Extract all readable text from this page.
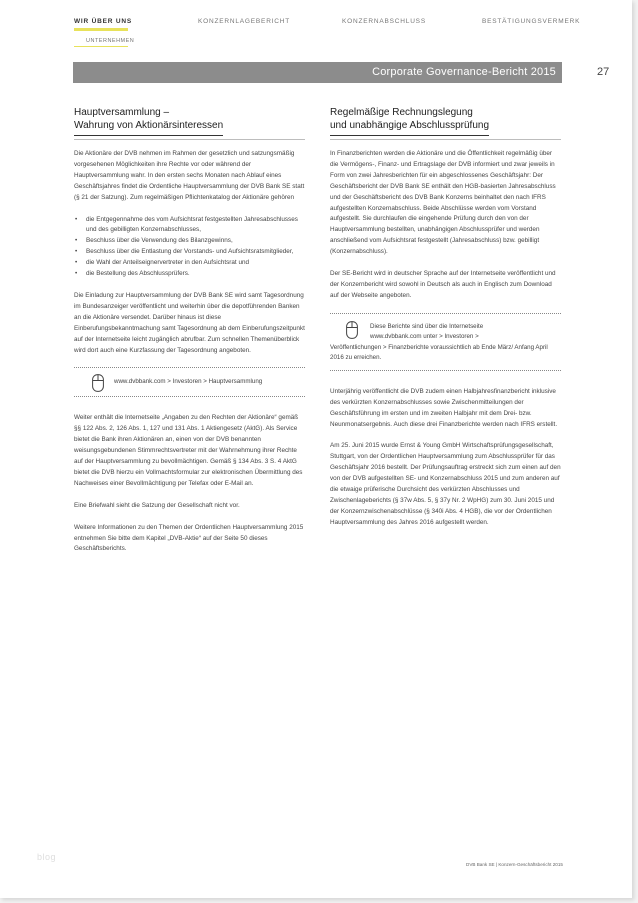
WIR ÜBER UNS
UNTERNEHMEN
KONZERNLAGEBERICHT	KONZERNABSCHLUSS	BESTÄTIGUNGSVERMERK
Corporate Governance-Bericht 2015	27
Hauptversammlung –
Wahrung von Aktionärsinteressen

Die Aktionäre der DVB nehmen im Rahmen der gesetzlich und satzungsmäßig vorgesehenen Möglichkeiten ihre Rechte vor oder während der Hauptversammlung wahr. In den ersten sechs Monaten nach Ablauf eines Geschäftsjahres findet die Ordentliche Hauptversammlung der DVB Bank SE statt (§ 21 der Satzung). Zum regelmäßigen Pflichtenkatalog der Aktionäre gehören

• die Entgegennahme des vom Aufsichtsrat festgestellten Jahresabschlusses und des gebilligten Konzernabschlusses,
• Beschluss über die Verwendung des Bilanzgewinns,
• Beschluss über die Entlastung der Vorstands- und Aufsichtsratsmitglieder,
• die Wahl der Anteilseignervertreter in den Aufsichtsrat und
• die Bestellung des Abschlussprüfers.

Die Einladung zur Hauptversammlung der DVB Bank SE wird samt Tagesordnung im Bundesanzeiger veröffentlicht und weiterhin über die depotführenden Banken an die Aktionäre versendet. Darüber hinaus ist diese Einberufungsbekanntmachung samt Tagesordnung ab dem Einberufungszeitpunkt auf der Internetseite leicht zugänglich abrufbar. Zum schnellen Themenüberblick wird dort auch eine Kurzfassung der Tagesordnung angeboten.

www.dvbbank.com > Investoren > Hauptversammlung

Weiter enthält die Internetseite „Angaben zu den Rechten der Aktionäre“ gemäß §§ 122 Abs. 2, 126 Abs. 1, 127 und 131 Abs. 1 Aktiengesetz (AktG). Als Service bietet die Bank ihren Aktionären an, einen von der DVB benannten weisungsgebundenen Stimmrechtsvertreter mit der Wahrnehmung ihrer Rechte auf der Hauptversammlung zu bevollmächtigen. Gemäß § 134 Abs. 3 S. 4 AktG bietet die DVB hierzu ein Vollmachtsformular zur elektronischen Übermittlung des Nachweises einer Bevollmächtigung per Telefax oder E-Mail an.

Eine Briefwahl sieht die Satzung der Gesellschaft nicht vor.

Weitere Informationen zu den Themen der Ordentlichen Hauptversammlung 2015 entnehmen Sie bitte dem Kapitel „DVB-Aktie“ auf der Seite 50 dieses Geschäftsberichts.

Regelmäßige Rechnungslegung
und unabhängige Abschlussprüfung

In Finanzberichten werden die Aktionäre und die Öffentlichkeit regelmäßig über die Vermögens-, Finanz- und Ertragslage der DVB informiert und zwar jeweils in Form von zwei Jahresberichten für ein abgeschlossenes Geschäftsjahr: Der Geschäftsbericht der DVB Bank SE enthält den HGB-basierten Jahresabschluss und der Geschäftsbericht des DVB Bank Konzerns beinhaltet den nach IFRS aufgestellten Konzernabschluss. Beide Abschlüsse werden vom Vorstand aufgestellt. Sie durchlaufen die eingehende Prüfung durch den von der Hauptversammlung bestellten, unabhängigen Abschlussprüfer und werden anschließend vom Aufsichtsrat festgestellt (Jahresabschluss) bzw. gebilligt (Konzernabschluss).

Der SE-Bericht wird in deutscher Sprache auf der Internetseite veröffentlicht und der Konzernbericht wird sowohl in Deutsch als auch in Englisch zum Download auf der Webseite angeboten.

Diese Berichte sind über die Internetseite
www.dvbbank.com unter > Investoren >
Veröffentlichungen > Finanzberichte voraussichtlich ab Ende März/ Anfang April 2016 zu erreichen.

Unterjährig veröffentlicht die DVB zudem einen Halbjahresfinanzbericht inklusive des verkürzten Konzernabschlusses sowie Zwischenmitteilungen der Geschäftsführung im ersten und im zweiten Halbjahr mit dem Drei- bzw. Neunmonatsergebnis. Auch diese drei Finanzberichte werden nach IFRS erstellt.

Am 25. Juni 2015 wurde Ernst & Young GmbH Wirtschaftsprüfungsgesellschaft, Stuttgart, von der Ordentlichen Hauptversammlung zum Abschlussprüfer für das Geschäftsjahr 2016 bestellt. Der Prüfungsauftrag erstreckt sich zum einen auf den von der DVB aufgestellten SE- und Konzernabschluss 2015 und zum anderen auf die etwaige prüferische Durchsicht des verkürzten Abschlusses und Zwischenlageberichts (§ 37w Abs. 5, § 37y Nr. 2 WpHG) zum 30. Juni 2015 und der Konzernzwischenabschlüsse (§ 340i Abs. 4 HGB), die vor der Ordentlichen Hauptversammlung des Jahres 2016 aufgestellt werden.

blog
DVB Bank SE | Konzern-Geschäftsbericht 2015
